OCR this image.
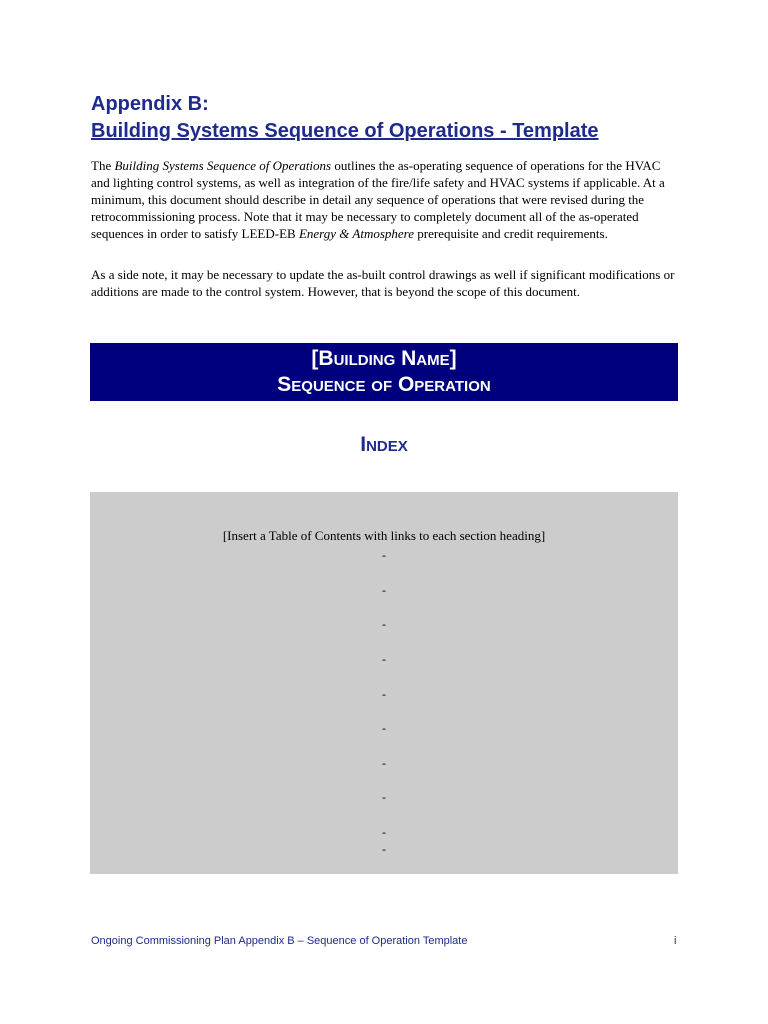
Appendix B:
Building Systems Sequence of Operations - Template

The Building Systems Sequence of Operations outlines the as-operating sequence of operations for the HVAC and lighting control systems, as well as integration of the fire/life safety and HVAC systems if applicable. At a minimum, this document should describe in detail any sequence of operations that were revised during the retrocommissioning process. Note that it may be necessary to completely document all of the as-operated sequences in order to satisfy LEED-EB Energy & Atmosphere prerequisite and credit requirements.

As a side note, it may be necessary to update the as-built control drawings as well if significant modifications or additions are made to the control system. However, that is beyond the scope of this document.

[Building Name]
Sequence of Operation
Index
[Insert a Table of Contents with links to each section heading]
-
-
-
-
-
-
-
-
-
-
Ongoing Commissioning Plan Appendix B – Sequence of Operation Template	i
